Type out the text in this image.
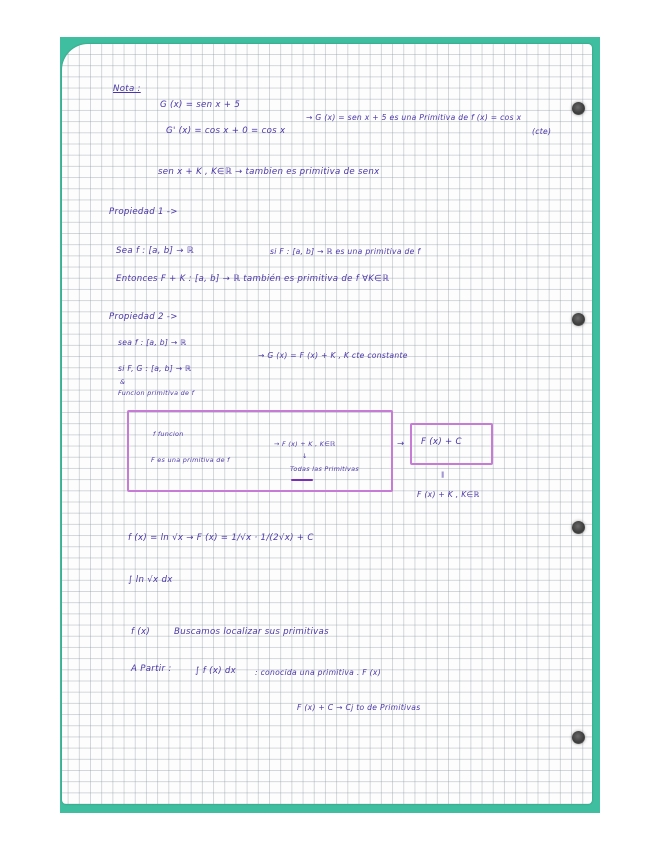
Nota :
G (x) = sen x + 5
G' (x) = cos x + 0 = cos x
→ G (x) = sen x + 5 es una Primitiva de f (x) = cos x
(cte)
sen x + K , K∈ℝ → tambien es primitiva de senx
Propiedad 1 ->
Sea f : [a, b] → ℝ	si F : [a, b] → ℝ es una primitiva de f
Entonces F + K : [a, b] → ℝ también es primitiva de f ∀K∈ℝ
Propiedad 2 ->
sea f : [a, b] → ℝ
→ G (x) = F (x) + K , K cte constante
si F, G : [a, b] → ℝ
&
Funcion primitiva de f
f funcion
F es una primitiva de f
→ F (x) + K , K∈ℝ
↓
Todas las Primitivas
→ F (x) + C
‖
F (x) + K , K∈ℝ
f (x) = ln √x → F (x) = 1/√x · 1/(2√x) + C
∫ ln √x dx
f (x)	Buscamos localizar sus primitivas
A Partir :	∫ f (x) dx : conocida una primitiva . F (x)
F (x) + C → Cj to de Primitivas
